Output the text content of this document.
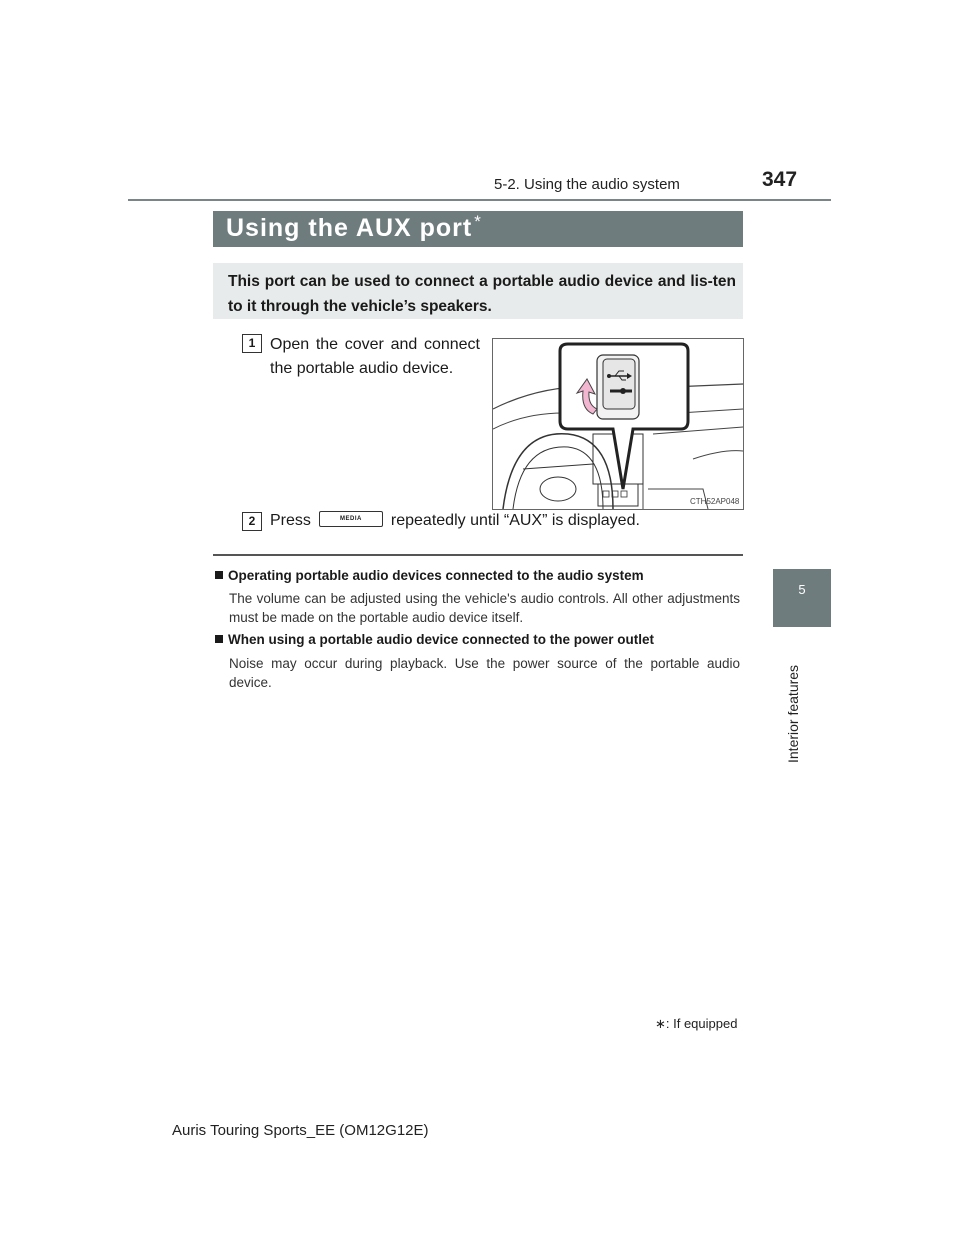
5-2. Using the audio system	347
Using the AUX port *
This port can be used to connect a portable audio device and lis-ten to it through the vehicle’s speakers.
1 Open the cover and connect the portable audio device.
CTH52AP048
2 Press	MEDIA repeatedly until “AUX” is displayed.
Operating portable audio devices connected to the audio system
The volume can be adjusted using the vehicle's audio controls. All other adjustments must be made on the portable audio device itself.
When using a portable audio device connected to the power outlet
Noise may occur during playback. Use the power source of the portable audio device.
∗: If equipped
Auris Touring Sports_EE (OM12G12E)
5
Interior features
